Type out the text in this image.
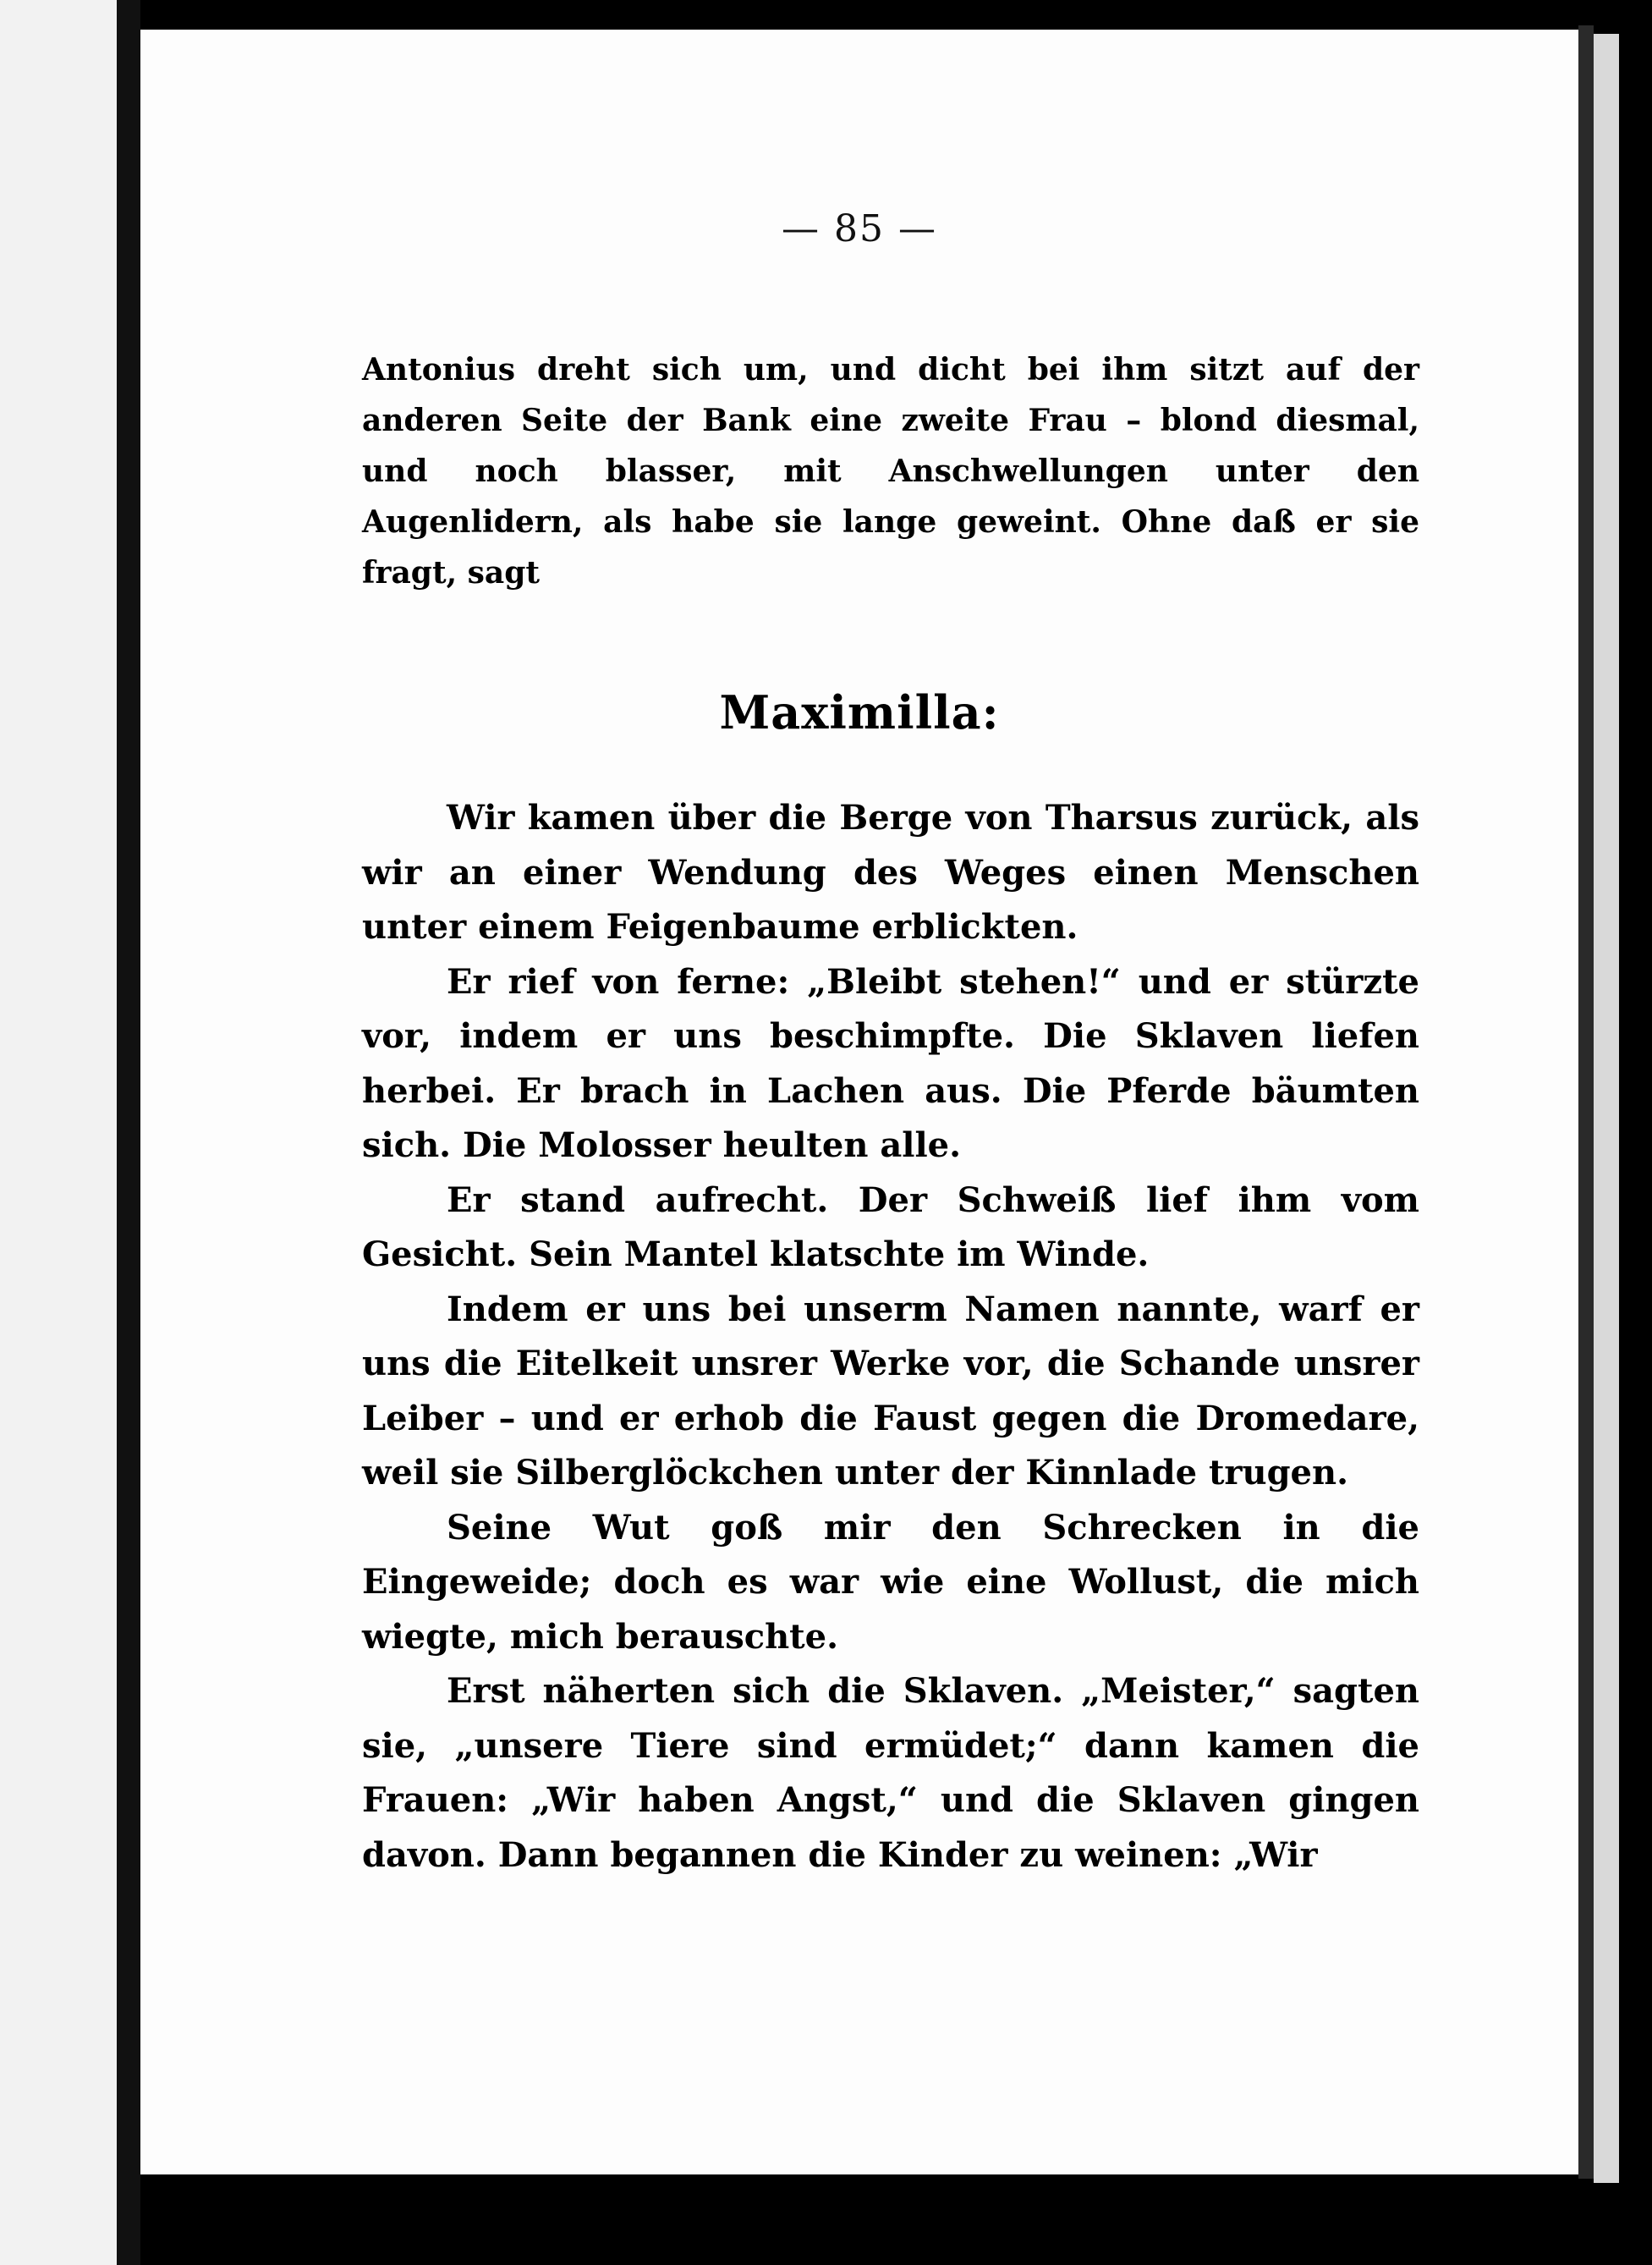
— 85 —
Antonius dreht sich um, und dicht bei ihm sitzt auf der anderen Seite der Bank eine zweite Frau – blond diesmal, und noch blasser, mit Anschwellungen unter den Augenlidern, als habe sie lange geweint. Ohne daß er sie fragt, sagt
Maximilla:

Wir kamen über die Berge von Tharsus zurück, als wir an einer Wendung des Weges einen Menschen unter einem Feigenbaume erblickten.

Er rief von ferne: „Bleibt stehen!“ und er stürzte vor, indem er uns beschimpfte. Die Sklaven liefen herbei. Er brach in Lachen aus. Die Pferde bäumten sich. Die Molosser heulten alle.

Er stand aufrecht. Der Schweiß lief ihm vom Gesicht. Sein Mantel klatschte im Winde.

Indem er uns bei unserm Namen nannte, warf er uns die Eitelkeit unsrer Werke vor, die Schande unsrer Leiber – und er erhob die Faust gegen die Dromedare, weil sie Silberglöckchen unter der Kinnlade trugen.

Seine Wut goß mir den Schrecken in die Eingeweide; doch es war wie eine Wollust, die mich wiegte, mich berauschte.

Erst näherten sich die Sklaven. „Meister,“ sagten sie, „unsere Tiere sind ermüdet;“ dann kamen die Frauen: „Wir haben Angst,“ und die Sklaven gingen davon. Dann begannen die Kinder zu weinen: „Wir
